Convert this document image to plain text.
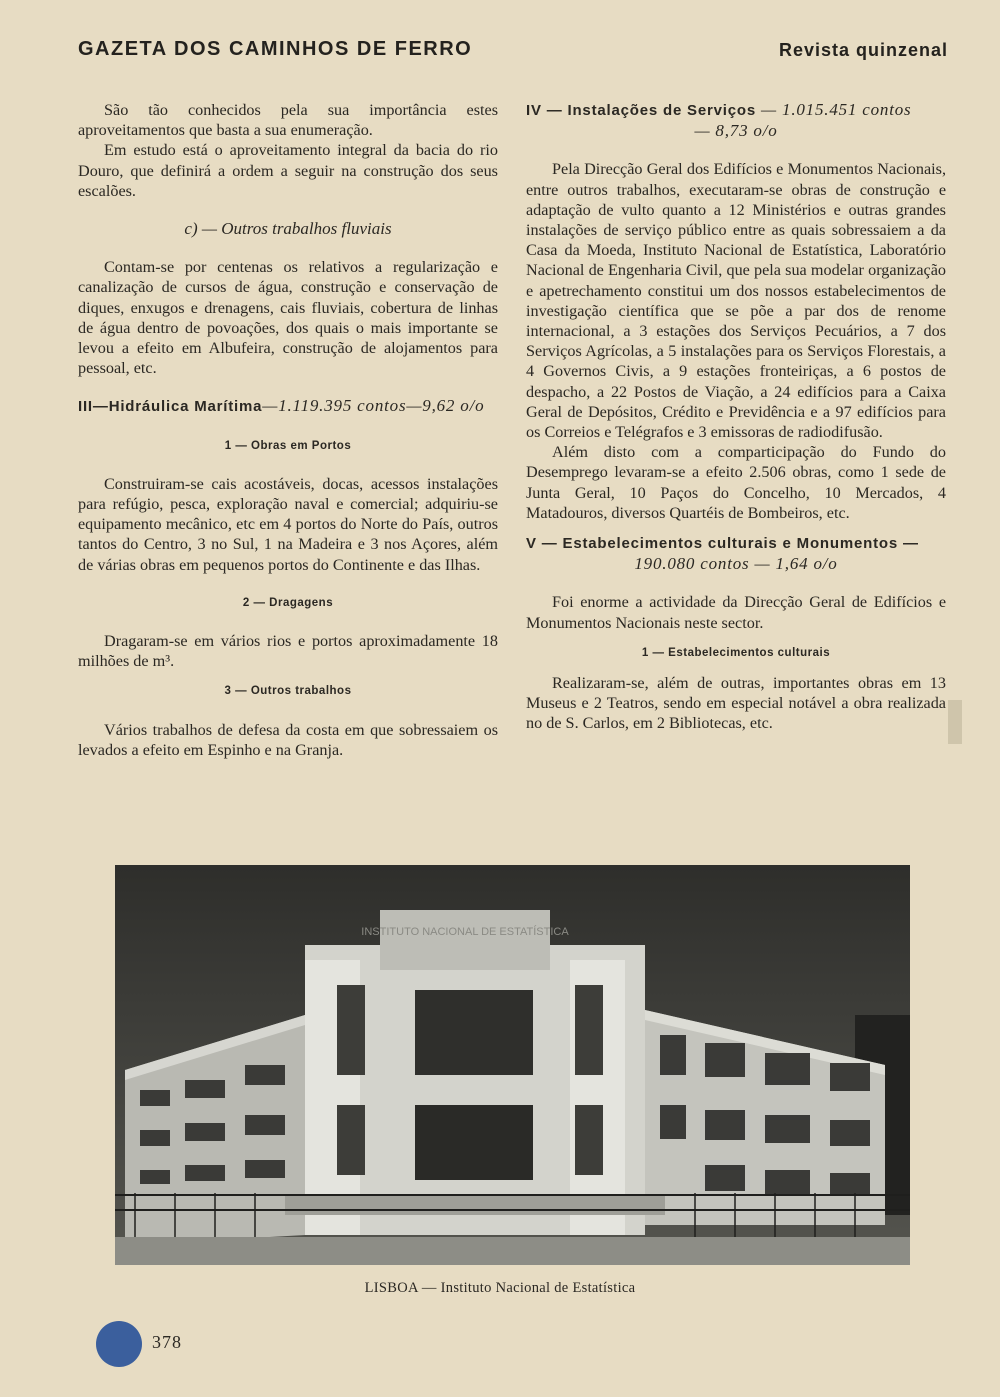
GAZETA DOS CAMINHOS DE FERRO	Revista quinzenal

São tão conhecidos pela sua importância estes aproveitamentos que basta a sua enumeração.

Em estudo está o aproveitamento integral da bacia do rio Douro, que definirá a ordem a seguir na construção dos seus escalões.

c) — Outros trabalhos fluviais

Contam-se por centenas os relativos a regularização e canalização de cursos de água, construção e conservação de diques, enxugos e drenagens, cais fluviais, cobertura de linhas de água dentro de povoações, dos quais o mais importante se levou a efeito em Albufeira, construção de alojamentos para pessoal, etc.

III—Hidráulica Marítima—1.119.395 contos—9,62 o/o

1 — Obras em Portos

Construiram-se cais acostáveis, docas, acessos instalações para refúgio, pesca, exploração naval e comercial; adquiriu-se equipamento mecânico, etc em 4 portos do Norte do País, outros tantos do Centro, 3 no Sul, 1 na Madeira e 3 nos Açores, além de várias obras em pequenos portos do Continente e das Ilhas.

2 — Dragagens

Dragaram-se em vários rios e portos aproximadamente 18 milhões de m³.

3 — Outros trabalhos

Vários trabalhos de defesa da costa em que sobressaiem os levados a efeito em Espinho e na Granja.

IV — Instalações de Serviços — 1.015.451 contos

— 8,73 o/o

Pela Direcção Geral dos Edifícios e Monumentos Nacionais, entre outros trabalhos, executaram-se obras de construção e adaptação de vulto quanto a 12 Ministérios e outras grandes instalações de serviço público entre as quais sobressaiem a da Casa da Moeda, Instituto Nacional de Estatística, Laboratório Nacional de Engenharia Civil, que pela sua modelar organização e apetrechamento constitui um dos nossos estabelecimentos de investigação científica que se põe a par dos de renome internacional, a 3 estações dos Serviços Pecuários, a 7 dos Serviços Agrícolas, a 5 instalações para os Serviços Florestais, a 4 Governos Civis, a 9 estações fronteiriças, a 6 postos de despacho, a 22 Postos de Viação, a 24 edifícios para a Caixa Geral de Depósitos, Crédito e Previdência e a 97 edifícios para os Correios e Telégrafos e 3 emissoras de radiodifusão.

Além disto com a comparticipação do Fundo do Desemprego levaram-se a efeito 2.506 obras, como 1 sede de Junta Geral, 10 Paços do Concelho, 10 Mercados, 4 Matadouros, diversos Quartéis de Bombeiros, etc.

V — Estabelecimentos culturais e Monumentos —

190.080 contos — 1,64 o/o

Foi enorme a actividade da Direcção Geral de Edifícios e Monumentos Nacionais neste sector.

1 — Estabelecimentos culturais

Realizaram-se, além de outras, importantes obras em 13 Museus e 2 Teatros, sendo em especial notável a obra realizada no de S. Carlos, em 2 Bibliotecas, etc.

INSTITUTO NACIONAL DE ESTATÍSTICA
LISBOA — Instituto Nacional de Estatística
378
